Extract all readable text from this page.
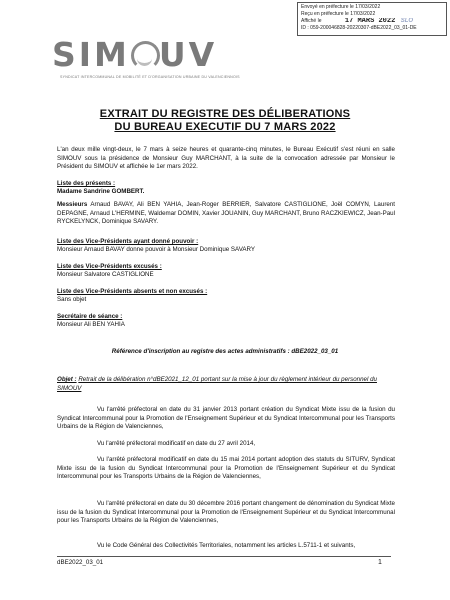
Envoyé en préfecture le 17/03/2022
Reçu en préfecture le 17/03/2022
Affiché le	17 MARS 2022 SLO
ID : 059-200046828-20220307-dBE2022_03_01-DE
SIM UV
SYNDICAT INTERCOMMUNAL DE MOBILITÉ ET D'ORGANISATION URBAINE DU VALENCIENNOIS
EXTRAIT DU REGISTRE DES DÉLIBERATIONS
DU BUREAU EXECUTIF DU 7 MARS 2022
L'an deux mille vingt-deux, le 7 mars à seize heures et quarante-cinq minutes, le Bureau Exécutif s'est réuni en salle SIMOUV sous la présidence de Monsieur Guy MARCHANT, à la suite de la convocation adressée par Monsieur le Président du SIMOUV et affichée le 1er mars 2022.
Liste des présents :
Madame Sandrine GOMBERT.
Messieurs Arnaud BAVAY, Ali BEN YAHIA, Jean-Roger BERRIER, Salvatore CASTIGLIONE, Joël COMYN, Laurent DEPAGNE, Arnaud L'HERMINE, Waldemar DOMIN, Xavier JOUANIN, Guy MARCHANT, Bruno RACZKIEWICZ, Jean-Paul RYCKELYNCK, Dominique SAVARY.
Liste des Vice-Présidents ayant donné pouvoir :
Monsieur Arnaud BAVAY donne pouvoir à Monsieur Dominique SAVARY
Liste des Vice-Présidents excusés :
Monsieur Salvatore CASTIGLIONE
Liste des Vice-Présidents absents et non excusés :
Sans objet
Secrétaire de séance :
Monsieur Ali BEN YAHIA
Référence d'inscription au registre des actes administratifs : dBE2022_03_01
Objet : Retrait de la délibération n°dBE2021_12_01 portant sur la mise à jour du règlement intérieur du personnel du SIMOUV
Vu l'arrêté préfectoral en date du 31 janvier 2013 portant création du Syndicat Mixte issu de la fusion du Syndicat Intercommunal pour la Promotion de l'Enseignement Supérieur et du Syndicat Intercommunal pour les Transports Urbains de la Région de Valenciennes,
Vu l'arrêté préfectoral modificatif en date du 27 avril 2014,
Vu l'arrêté préfectoral modificatif en date du 15 mai 2014 portant adoption des statuts du SITURV, Syndicat Mixte issu de la fusion du Syndicat Intercommunal pour la Promotion de l'Enseignement Supérieur et du Syndicat Intercommunal pour les Transports Urbains de la Région de Valenciennes,
Vu l'arrêté préfectoral en date du 30 décembre 2016 portant changement de dénomination du Syndicat Mixte issu de la fusion du Syndicat Intercommunal pour la Promotion de l'Enseignement Supérieur et du Syndicat Intercommunal pour les Transports Urbains de la Région de Valenciennes,
Vu le Code Général des Collectivités Territoriales, notamment les articles L.5711-1 et suivants,
dBE2022_03_01	1
